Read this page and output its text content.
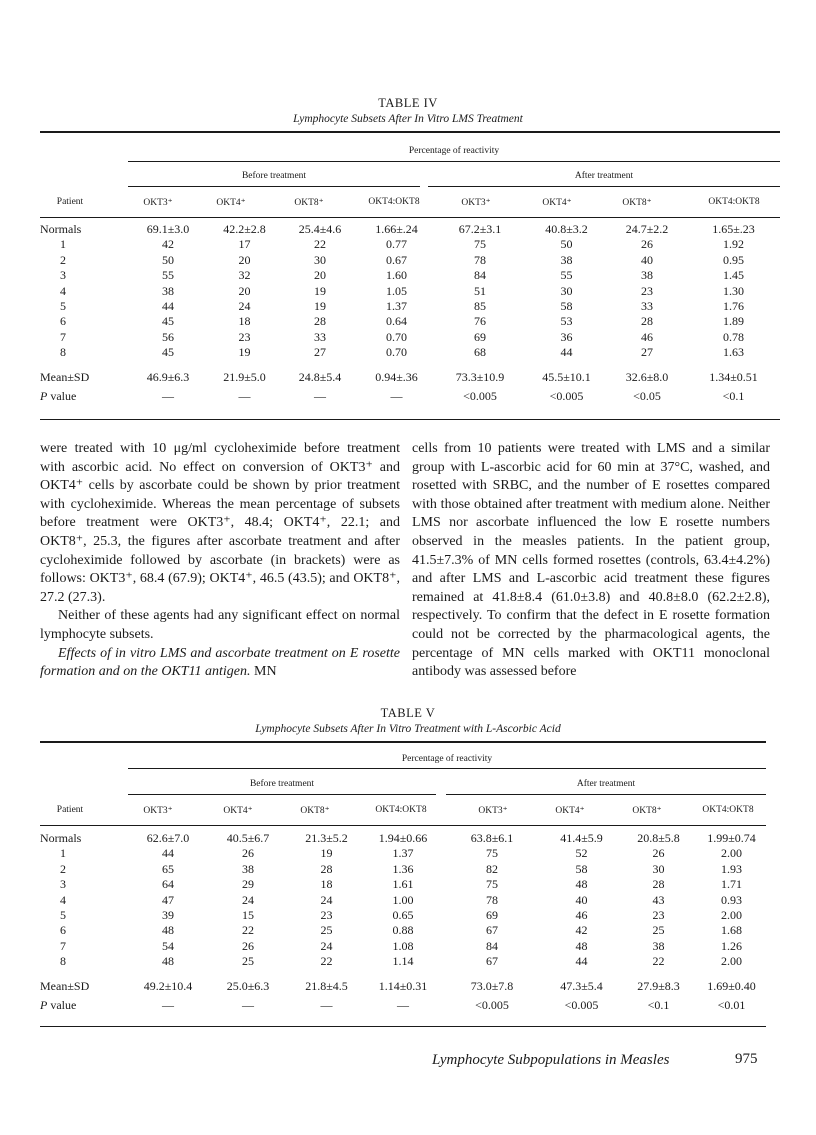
TABLE IV
Lymphocyte Subsets After In Vitro LMS Treatment
Percentage of reactivity
Before treatment	After treatment
Patient	OKT3⁺	OKT4⁺	OKT8⁺	OKT4:OKT8	OKT3⁺	OKT4⁺	OKT8⁺	OKT4:OKT8
Normals	69.1±3.0	42.2±2.8	25.4±4.6	1.66±.24	67.2±3.1	40.8±3.2	24.7±2.2	1.65±.23
1	42	17	22	0.77	75	50	26	1.92
2	50	20	30	0.67	78	38	40	0.95
3	55	32	20	1.60	84	55	38	1.45
4	38	20	19	1.05	51	30	23	1.30
5	44	24	19	1.37	85	58	33	1.76
6	45	18	28	0.64	76	53	28	1.89
7	56	23	33	0.70	69	36	46	0.78
8	45	19	27	0.70	68	44	27	1.63
Mean±SD	46.9±6.3	21.9±5.0	24.8±5.4	0.94±.36	73.3±10.9	45.5±10.1	32.6±8.0	1.34±0.51
P value	—	—	—	—	<0.005	<0.005	<0.05	<0.1

were treated with 10 μg/ml cycloheximide before treatment with ascorbic acid. No effect on conversion of OKT3⁺ and OKT4⁺ cells by ascorbate could be shown by prior treatment with cycloheximide. Whereas the mean percentage of subsets before treatment were OKT3⁺, 48.4; OKT4⁺, 22.1; and OKT8⁺, 25.3, the figures after ascorbate treatment and after cycloheximide followed by ascorbate (in brackets) were as follows: OKT3⁺, 68.4 (67.9); OKT4⁺, 46.5 (43.5); and OKT8⁺, 27.2 (27.3).

Neither of these agents had any significant effect on normal lymphocyte subsets.

Effects of in vitro LMS and ascorbate treatment on E rosette formation and on the OKT11 antigen. MN

cells from 10 patients were treated with LMS and a similar group with L-ascorbic acid for 60 min at 37°C, washed, and rosetted with SRBC, and the number of E rosettes compared with those obtained after treatment with medium alone. Neither LMS nor ascorbate influenced the low E rosette numbers observed in the measles patients. In the patient group, 41.5±7.3% of MN cells formed rosettes (controls, 63.4±4.2%) and after LMS and L-ascorbic acid treatment these figures remained at 41.8±8.4 (61.0±3.8) and 40.8±8.0 (62.2±2.8), respectively. To confirm that the defect in E rosette formation could not be corrected by the pharmacological agents, the percentage of MN cells marked with OKT11 monoclonal antibody was assessed before

TABLE V
Lymphocyte Subsets After In Vitro Treatment with L-Ascorbic Acid
Percentage of reactivity
Before treatment	After treatment
Patient	OKT3⁺	OKT4⁺	OKT8⁺	OKT4:OKT8	OKT3⁺	OKT4⁺	OKT8⁺	OKT4:OKT8
Normals	62.6±7.0	40.5±6.7	21.3±5.2	1.94±0.66	63.8±6.1	41.4±5.9	20.8±5.8	1.99±0.74
1	44	26	19	1.37	75	52	26	2.00
2	65	38	28	1.36	82	58	30	1.93
3	64	29	18	1.61	75	48	28	1.71
4	47	24	24	1.00	78	40	43	0.93
5	39	15	23	0.65	69	46	23	2.00
6	48	22	25	0.88	67	42	25	1.68
7	54	26	24	1.08	84	48	38	1.26
8	48	25	22	1.14	67	44	22	2.00
Mean±SD	49.2±10.4	25.0±6.3	21.8±4.5	1.14±0.31	73.0±7.8	47.3±5.4	27.9±8.3	1.69±0.40
P value	—	—	—	—	<0.005	<0.005	<0.1	<0.01
Lymphocyte Subpopulations in Measles	975
